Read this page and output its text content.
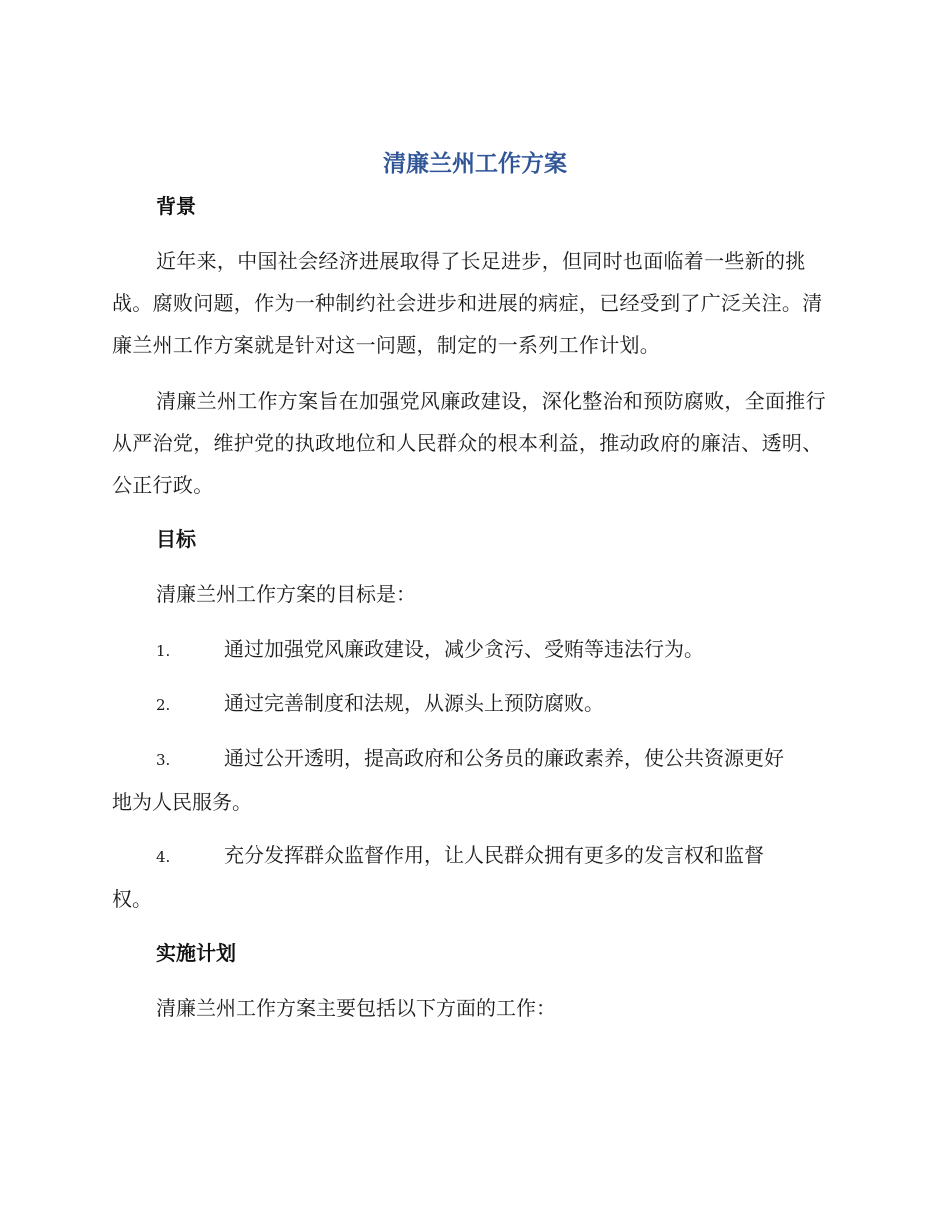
清廉兰州工作方案
背景

近年来，中国社会经济进展取得了长足进步，但同时也面临着一些新的挑战。腐败问题，作为一种制约社会进步和进展的病症，已经受到了广泛关注。清廉兰州工作方案就是针对这一问题，制定的一系列工作计划。

清廉兰州工作方案旨在加强党风廉政建设，深化整治和预防腐败，全面推行从严治党，维护党的执政地位和人民群众的根本利益，推动政府的廉洁、透明、公正行政。

目标
清廉兰州工作方案的目标是：
1.	通过加强党风廉政建设，减少贪污、受贿等违法行为。
2.	通过完善制度和法规，从源头上预防腐败。
3.	通过公开透明，提高政府和公务员的廉政素养，使公共资源更好
地为人民服务。
4.	充分发挥群众监督作用，让人民群众拥有更多的发言权和监督
权。
实施计划
清廉兰州工作方案主要包括以下方面的工作：
